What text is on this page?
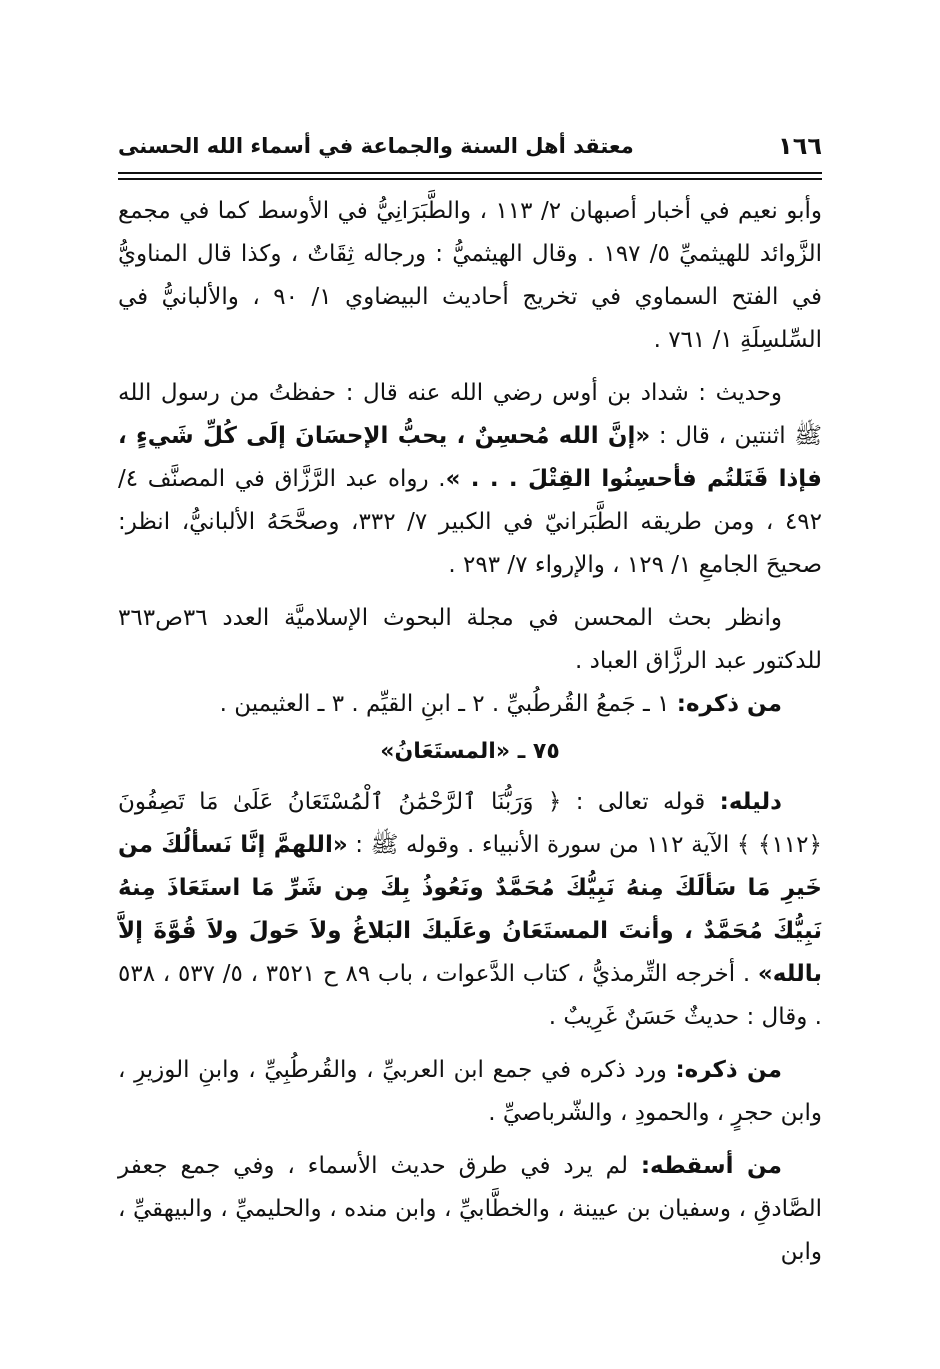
١٦٦
معتقد أهل السنة والجماعة في أسماء الله الحسنى

وأبو نعيم في أخبار أصبهان ٢/ ١١٣ ، والطَّبَرَانِيُّ في الأوسط كما في مجمع الزَّوائد للهيثميِّ ٥/ ١٩٧ . وقال الهيثميُّ : ورجاله ثِقَاتٌ ، وكذا قال المناويُّ في الفتح السماوي في تخريج أحاديث البيضاوي ١/ ٩٠ ، والألبانيُّ في السِّلسِلَةِ ١/ ٧٦١ .

وحديث : شداد بن أوس رضي الله عنه قال : حفظتُ من رسول الله ﷺ اثنتين ، قال : «إنَّ الله مُحسِنٌ ، يحبُّ الإحسَانَ إلَى كُلِّ شَيءٍ ، فإذا قَتَلتُم فأحسِنُوا القِتْلَ . . . ». رواه عبد الرَّزَّاق في المصنَّف ٤/ ٤٩٢ ، ومن طريقه الطَّبَرانيّ في الكبير ٧/ ٣٣٢، وصحَّحَهُ الألبانيُّ، انظر: صحيحَ الجامعِ ١/ ١٢٩ ، والإرواء ٧/ ٢٩٣ .

وانظر بحث المحسن في مجلة البحوث الإسلاميَّة العدد ٣٦ص٣٦٣ للدكتور عبد الرزَّاق العباد .

من ذكره: ١ ـ جَمعُ القُرطُبيِّ . ٢ ـ ابنِ القيِّم . ٣ ـ العثيمين .

٧٥ ـ «المستَعَانُ»

دليله: قوله تعالى : ﴿ وَرَبُّنَا ٱلرَّحْمَٰنُ ٱلْمُسْتَعَانُ عَلَىٰ مَا تَصِفُونَ ﴿١١٢﴾ ﴾ الآية ١١٢ من سورة الأنبياء . وقوله ﷺ : «اللهمَّ إنَّا نَسألُكَ من خَيرِ مَا سَألَكَ مِنهُ نَبِيُّكَ مُحَمَّدٌ ونَعُوذُ بِكَ مِن شَرِّ مَا استَعَاذَ مِنهُ نَبِيُّكَ مُحَمَّدٌ ، وأنتَ المستَعَانُ وعَلَيكَ البَلاغُ ولاَ حَولَ ولاَ قُوَّةَ إلاَّ بالله» . أخرجه التِّرمذيُّ ، كتاب الدَّعوات ، باب ٨٩ ح ٣٥٢١ ، ٥/ ٥٣٧ ، ٥٣٨ . وقال : حديثٌ حَسَنٌ غَرِيبٌ .

من ذكره: ورد ذكره في جمع ابن العربيِّ ، والقُرطُبِيِّ ، وابنِ الوزيرِ ، وابن حجرٍ ، والحمودِ ، والشّرباصيِّ .

من أسقطه: لم يرد في طرق حديث الأسماء ، وفي جمع جعفر الصَّادقِ ، وسفيان بن عيينة ، والخطَّابيِّ ، وابن منده ، والحليميِّ ، والبيهقيِّ ، وابن
